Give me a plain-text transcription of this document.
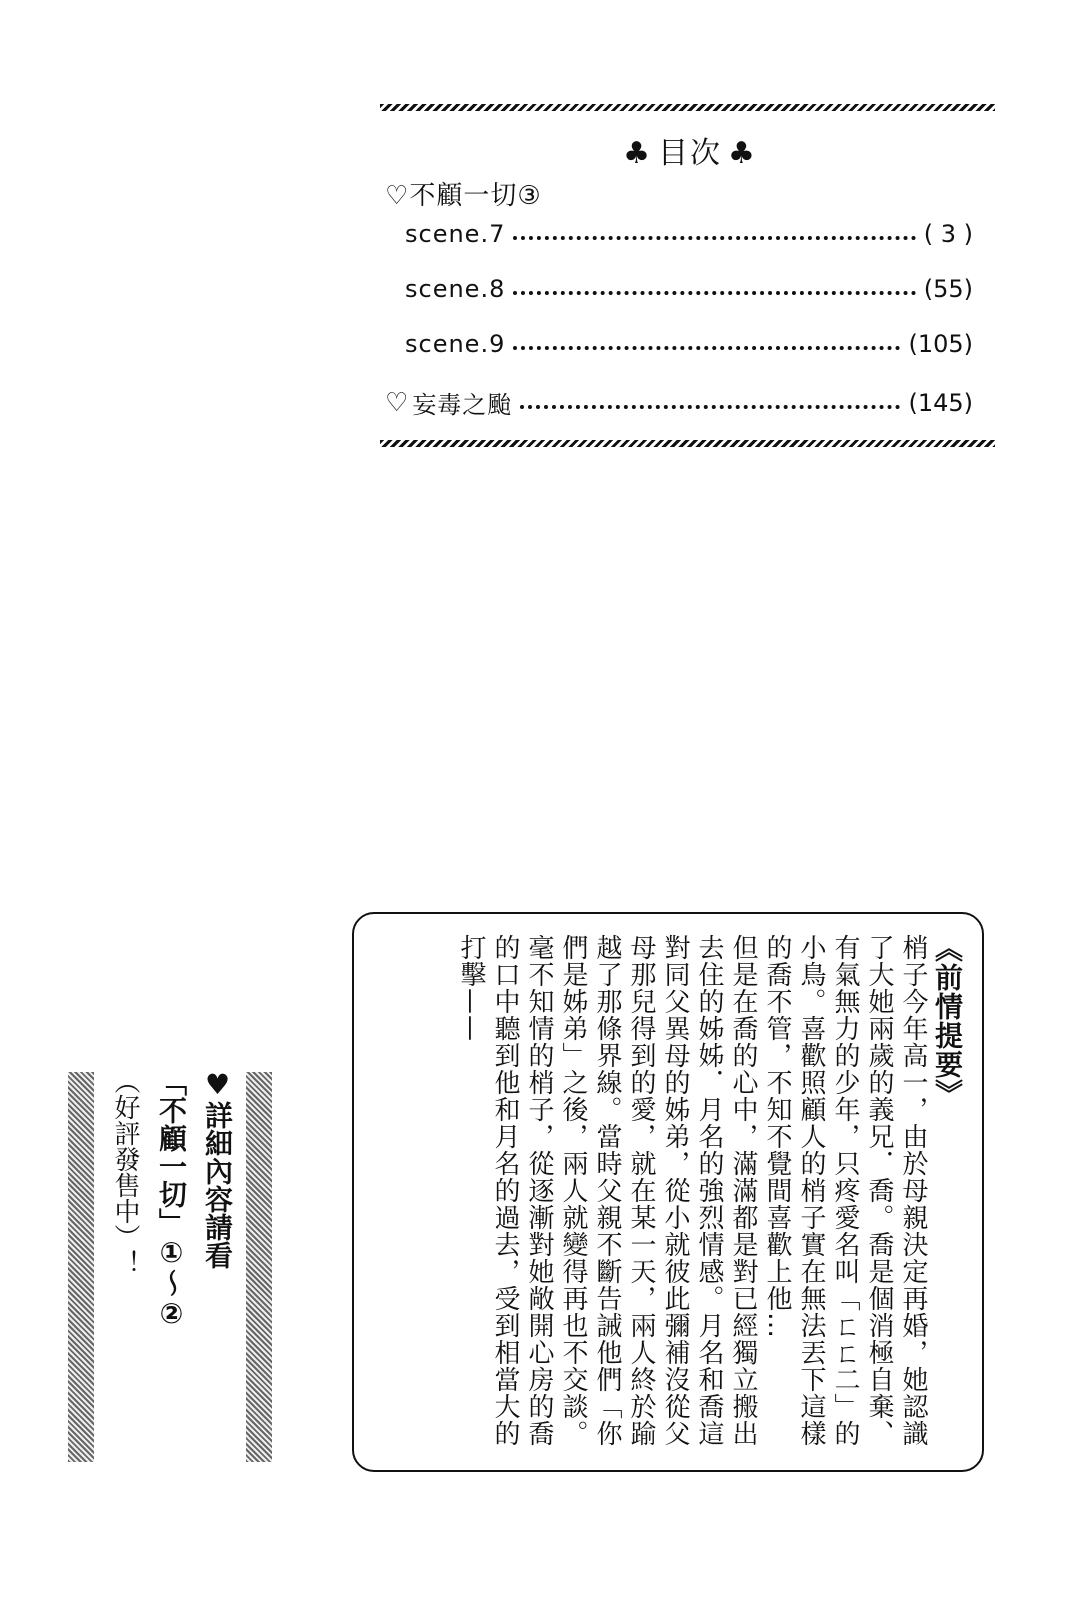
♣ 目次 ♣
♡不顧一切③
scene.7	( 3 )
scene.8	(55)
scene.9	(105)
♡ 妄毒之颱	(145)

《前情提要》

梢子今年高一，由於母親決定再婚，她認識了大她兩歲的義兄．喬。喬是個消極自棄、有氣無力的少年，只疼愛名叫「ㄈㄈ二」的小鳥。喜歡照顧人的梢子實在無法丟下這樣的喬不管，不知不覺間喜歡上他…

但是在喬的心中，滿滿都是對已經獨立搬出去住的姊姊．月名的強烈情感。月名和喬這對同父異母的姊弟，從小就彼此彌補沒從父母那兒得到的愛，就在某一天，兩人終於踰越了那條界線。當時父親不斷告誡他們「你們是姊弟」之後，兩人就變得再也不交談。

毫不知情的梢子，從逐漸對她敞開心房的喬的口中聽到他和月名的過去，受到相當大的打擊——

♥詳細內容請看

「不顧一切」①～②

（好評發售中）！
